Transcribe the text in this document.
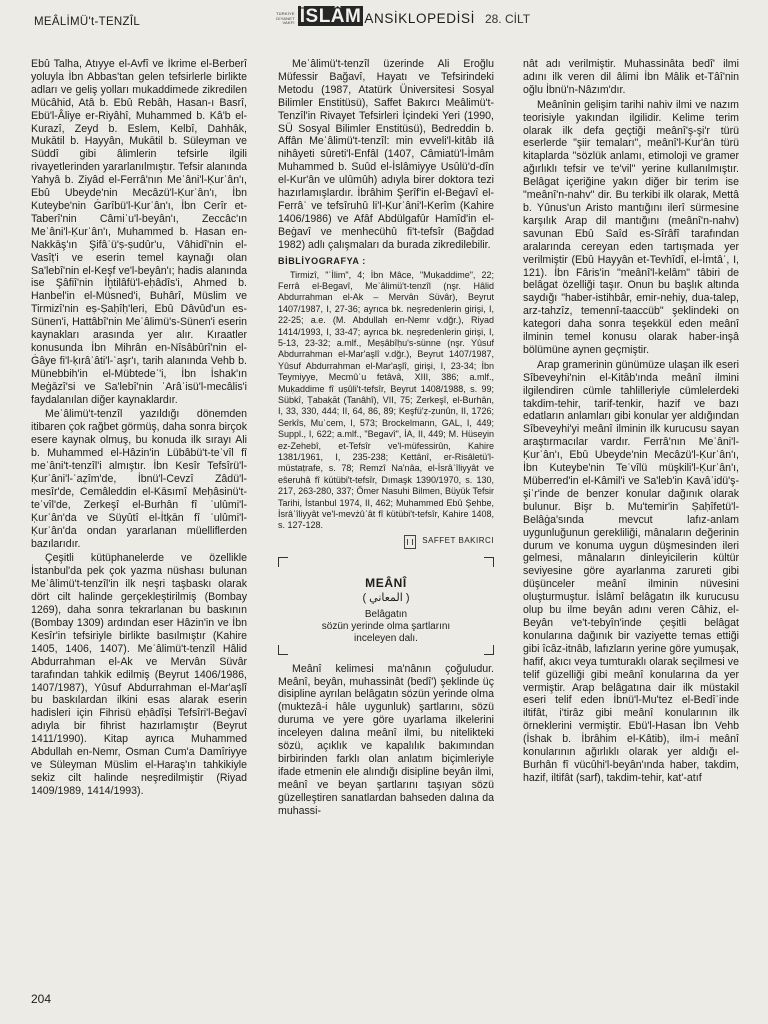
MEÂLİMÜ't-TENZÎL
TÜRKİYE
DİYANET
VAKFI İSLÂM ANSİKLOPEDİSİ 28. CİLT

Ebû Talha, Atıyye el-Avfî ve İkrime el-Berberî yoluyla İbn Abbas'tan gelen tefsirlerle birlikte adları ve geliş yolları mukaddimede zikredilen Mücâhid, Atâ b. Ebû Rebâh, Hasan-ı Basrî, Ebü'l-Âliye er-Riyâhî, Muhammed b. Kâ'b el-Kurazî, Zeyd b. Eslem, Kelbî, Dahhâk, Mukātil b. Hayyân, Mukātil b. Süleyman ve Süddî gibi âlimlerin tefsirle ilgili rivayetlerinden yararlanılmıştır. Tefsir alanında Yahyâ b. Ziyâd el-Ferrâ'nın Meʿâni'l-Ḳurʾân'ı, Ebû Ubeyde'nin Mecâzü'l-Ḳurʾân'ı, İbn Kuteybe'nin Ġarîbü'l-Ḳurʾân'ı, İbn Cerîr et-Taberî'nin Câmiʿu'l-beyân'ı, Zeccâc'ın Meʿâni'l-Ḳurʾân'ı, Muhammed b. Hasan en-Nakkāş'ın Şifâʾü'ṣ-ṣudûr'u, Vâhidî'nin el-Vasîṭ'i ve eserin temel kaynağı olan Sa'lebî'nin el-Keşf ve'l-beyân'ı; hadis alanında ise Şâfiî'nin İḫtilâfü'l-eḥâdîs'i, Ahmed b. Hanbel'in el-Müsned'i, Buhârî, Müslim ve Tirmizî'nin eṣ-Ṣaḥîḥ'leri, Ebû Dâvûd'un es-Sünen'i, Hattâbî'nin Meʿâlimü's-Sünen'i eserin kaynakları arasında yer alır. Kıraatler konusunda İbn Mihrân en-Nîsâbûrî'nin el-Ġâye fi'l-ḳırâʾâti'l-ʿaşr'ı, tarih alanında Vehb b. Münebbih'in el-Mübtedeʾ'i, İbn İshak'ın Meġāzî'si ve Sa'lebî'nin ʿArâʾisü'l-mecâlis'i faydalanılan diğer kaynaklardır.

Meʿâlimü't-tenzîl yazıldığı dönemden itibaren çok rağbet görmüş, daha sonra birçok esere kaynak olmuş, bu konuda ilk sırayı Ali b. Muhammed el-Hâzin'in Lübâbü't-teʾvîl fî meʿâni't-tenzîl'i almıştır. İbn Kesîr Tefsîrü'l-Ḳurʾâni'l-ʿaẓîm'de, İbnü'l-Cevzî Zâdü'l-mesîr'de, Cemâleddin el-Kāsımî Meḥâsinü't-teʾvîl'de, Zerkeşî el-Burhân fî ʿulûmi'l-Ḳurʾân'da ve Süyûtî el-İtḳān fî ʿulûmi'l-Ḳurʾân'da ondan yararlanan müelliflerden bazılarıdır.

Çeşitli kütüphanelerde ve özellikle İstanbul'da pek çok yazma nüshası bulunan Meʿâlimü't-tenzîl'in ilk neşri taşbaskı olarak dört cilt halinde gerçekleştirilmiş (Bombay 1269), daha sonra tekrarlanan bu baskının (Bombay 1309) ardından eser Hâzin'in ve İbn Kesîr'in tefsiriyle birlikte basılmıştır (Kahire 1405, 1406, 1407). Meʿâlimü't-tenzîl Hâlid Abdurrahman el-Ak ve Mervân Süvâr tarafından tahkik edilmiş (Beyrut 1406/1986, 1407/1987), Yûsuf Abdurrahman el-Mar'aşlî bu baskılardan ilkini esas alarak eserin hadisleri için Fihrisü eḥâdîṣi Tefsîri'l-Beġavî adıyla bir fihrist hazırlamıştır (Beyrut 1411/1990). Kitap ayrıca Muhammed Abdullah en-Nemr, Osman Cum'a Damîriyye ve Süleyman Müslim el-Haraş'ın tahkikiyle sekiz cilt halinde neşredilmiştir (Riyad 1409/1989, 1414/1993).

Meʿâlimü't-tenzîl üzerinde Ali Eroğlu Müfessir Bağavî, Hayatı ve Tefsirindeki Metodu (1987, Atatürk Üniversitesi Sosyal Bilimler Enstitüsü), Saffet Bakırcı Meâlimü't-Tenzîl'in Rivayet Tefsirleri İçindeki Yeri (1990, SÜ Sosyal Bilimler Enstitüsü), Bedreddin b. Affân Meʿâlimü't-tenzîl: min evveli'l-kitâb ilâ nihâyeti sûreti'l-Enfâl (1407, Câmiatü'l-İmâm Muhammed b. Suûd el-İslâmiyye Usûlü'd-dîn el-Kur'ân ve ulûmûh) adıyla birer doktora tezi hazırlamışlardır. İbrâhim Şerîf'in el-Beġavî el-Ferrâʾ ve tefsîruhû li'l-Ḳurʾâni'l-Kerîm (Kahire 1406/1986) ve Afâf Abdülgafûr Hamîd'in el-Beġavî ve menhecühû fi't-tefsîr (Bağdad 1982) adlı çalışmaları da burada zikredilebilir.

BİBLİYOGRAFYA :

Tirmizî, "ʿİlim", 4; İbn Mâce, "Muḳaddime", 22; Ferrâ el-Begavî, Meʿâlimü't-tenzîl (nşr. Hâlid Abdurrahman el-Ak – Mervân Süvâr), Beyrut 1407/1987, I, 27-36; ayrıca bk. neşredenlerin girişi, I, 22-25; a.e. (M. Abdullah en-Nemr v.dğr.), Riyad 1414/1993, I, 33-47; ayrıca bk. neşredenlerin girişi, I, 5-13, 23-32; a.mlf., Meṣâbîḥu's-sünne (nşr. Yûsuf Abdurrahman el-Mar'aşlî v.dğr.), Beyrut 1407/1987, Yûsuf Abdurrahman el-Mar'aşlî, girişi, I, 23-34; İbn Teymiyye, Mecmûʿu fetâvâ, XIII, 386; a.mlf., Muḳaddime fî uṣûli't-tefsîr, Beyrut 1408/1988, s. 99; Sübkî, Ṭabaḳāt (Tanâhî), VII, 75; Zerkeşî, el-Burhân, I, 33, 330, 444; II, 64, 86, 89; Keşfü'ẓ-ẓunûn, II, 1726; Serkîs, Muʿcem, I, 573; Brockelmann, GAL, I, 449; Suppl., I, 622; a.mlf., "Begavî", İA, II, 449; M. Hüseyin ez-Zehebî, et-Tefsîr ve'l-müfessirûn, Kahire 1381/1961, I, 235-238; Kettânî, er-Risâletü'l-müstaṭrafe, s. 78; Remzî Na'nâa, el-İsrâʾîliyyât ve eŝeruhâ fî kütübi't-tefsîr, Dımaşk 1390/1970, s. 130, 217, 263-280, 337; Ömer Nasuhi Bilmen, Büyük Tefsir Tarihi, İstanbul 1974, II, 462; Muhammed Ebû Şehbe, İsrâʾîliyyât ve'l-mevżûʿât fî kütübi't-tefsîr, Kahire 1408, s. 127-128.

SAFFET BAKIRCI
MEÂNÎ
( المعاني )
Belâgatın
sözün yerinde olma şartlarını
inceleyen dalı.

Meânî kelimesi ma'nânın çoğuludur. Meânî, beyân, muhassinât (bedî') şeklinde üç disipline ayrılan belâgatın sözün yerinde olma (muktezâ-i hâle uygunluk) şartlarını, sözü duruma ve yere göre uyarlama ilkelerini inceleyen dalına meânî ilmi, bu nitelikteki sözü, açıklık ve kapalılık bakımından birbirinden farklı olan anlatım biçimleriyle ifade etmenin ele alındığı disipline beyân ilmi, meânî ve beyan şartlarını taşıyan sözü güzelleştiren sanatlardan bahseden dalına da muhassi-

nât adı verilmiştir. Muhassinâta bedî' ilmi adını ilk veren dil âlimi İbn Mâlik et-Tâî'nin oğlu İbnü'n-Nâzım'dır.

Meânînin gelişim tarihi nahiv ilmi ve nazım teorisiyle yakından ilgilidir. Kelime terim olarak ilk defa geçtiği meânî'ş-şi'r türü eserlerde "şiir temaları", meânî'l-Kur'ân türü kitaplarda "sözlük anlamı, etimoloji ve gramer ağırlıklı tefsir ve te'vil" yerine kullanılmıştır. Belâgat içeriğine yakın diğer bir terim ise "meânî'n-nahv" dir. Bu terkibi ilk olarak, Mettâ b. Yûnus'un Aristo mantığını ilerî sürmesine karşılık Arap dil mantığını (meânî'n-nahv) savunan Ebû Saîd es-Sîrâfî tarafından aralarında cereyan eden tartışmada yer verilmiştir (Ebû Hayyân et-Tevhîdî, el-İmtâʿ, I, 121). İbn Fâris'in "meânî'l-kelâm" tâbiri de belâgat özelliği taşır. Onun bu başlık altında saydığı "haber-istihbâr, emir-nehiy, dua-talep, arz-tahzîz, temennî-taaccüb" şeklindeki on kategori daha sonra teşekkül eden meânî ilminin temel konusu olarak haber-inşâ bölümüne aynen geçmiştir.

Arap gramerinin günümüze ulaşan ilk eseri Sîbeveyhi'nin el-Kitâb'ında meânî ilmini ilgilendiren cümle tahlilleriyle cümlelerdeki takdim-tehir, tarif-tenkir, hazif ve bazı edatların anlamları gibi konular yer aldığından Sîbeveyhi'yi meânî ilminin ilk kurucusu sayan araştırmacılar vardır. Ferrâ'nın Meʿâni'l-Ḳurʾân'ı, Ebû Ubeyde'nin Mecâzü'l-Ḳurʾân'ı, İbn Kuteybe'nin Teʾvîlü müşkili'l-Ḳurʾân'ı, Müberred'in el-Kâmil'i ve Sa'leb'in Ḳavâʿidü'ş-şiʿr'inde de benzer konular dağınık olarak bulunur. Bişr b. Mu'temir'in Ṣaḥîfetü'l-Belâġa'sında mevcut lafız-anlam uygunluğunun gerekliliği, mânaların değerinin durum ve konuma uygun düşmesinden ileri gelmesi, mânaların dinleyicilerin kültür seviyesine göre ayarlanma zarureti gibi düşünceler meânî ilminin nüvesini oluşturmuştur. İslâmî belâgatın ilk kurucusu olup bu ilme beyân adını veren Câhiz, el-Beyân ve't-tebyîn'inde çeşitli belâgat konularına dağınık bir vaziyette temas ettiği gibi îcâz-itnâb, lafızların yerine göre yumuşak, hafif, akıcı veya tumturaklı olarak seçilmesi ve telif güzelliği gibi meânî konularına da yer vermiştir. Arap belâgatına dair ilk müstakil eseri telif eden İbnü'l-Mu'tez el-Bedîʿinde iltifât, i'tirâz gibi meânî konularının ilk örneklerini vermiştir. Ebü'l-Hasan İbn Vehb (İshak b. İbrâhim el-Kâtib), ilm-i meânî konularının ağırlıklı olarak yer aldığı el-Burhân fî vücûhi'l-beyân'ında haber, takdim, hazif, iltifât (sarf), takdim-tehir, kat'-atıf

204
